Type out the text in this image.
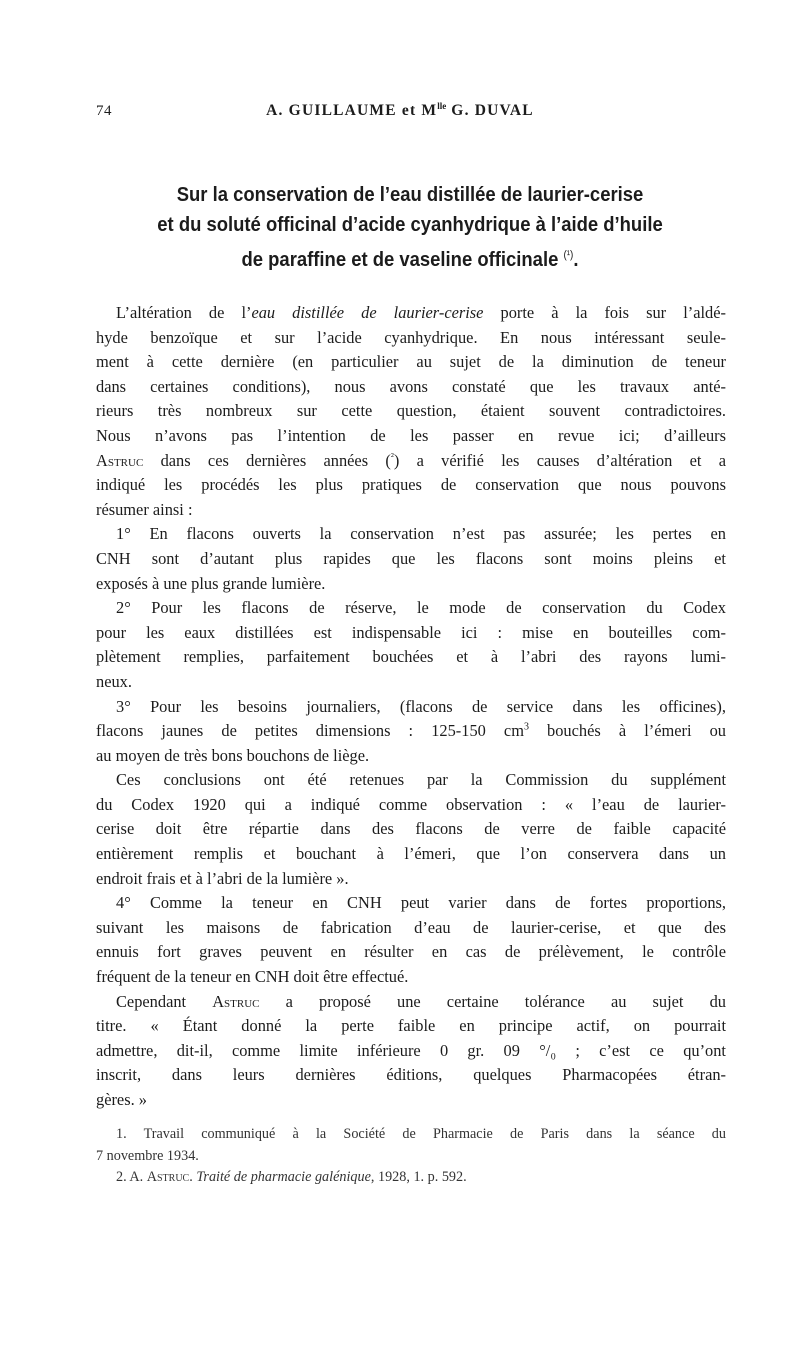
74	A. GUILLAUME et $M^{lle}$ G. DUVAL
Sur la conservation de l’eau distillée de laurier-cerise
et du soluté officinal d’acide cyanhydrique à l’aide d’huile
de paraffine et de vaseline officinale $^{(^1)}$.
L’altération de l’eau distillée de laurier-cerise porte à la fois sur l’aldé-
hyde benzoïque et sur l’acide cyanhydrique. En nous intéressant seule-
ment à cette dernière (en particulier au sujet de la diminution de teneur
dans certaines conditions), nous avons constaté que les travaux anté-
rieurs très nombreux sur cette question, étaient souvent contradictoires.
Nous n’avons pas l’intention de les passer en revue ici; d’ailleurs
Astruc dans ces dernières années ($^{^2}$) a vérifié les causes d’altération et a
indiqué les procédés les plus pratiques de conservation que nous pouvons
résumer ainsi :
1° En flacons ouverts la conservation n’est pas assurée; les pertes en
CNH sont d’autant plus rapides que les flacons sont moins pleins et
exposés à une plus grande lumière.
2° Pour les flacons de réserve, le mode de conservation du Codex
pour les eaux distillées est indispensable ici : mise en bouteilles com-
plètement remplies, parfaitement bouchées et à l’abri des rayons lumi-
neux.
3° Pour les besoins journaliers, (flacons de service dans les officines),
flacons jaunes de petites dimensions : 125-150 $cm^3$ bouchés à l’émeri ou
au moyen de très bons bouchons de liège.
Ces conclusions ont été retenues par la Commission du supplément
du Codex 1920 qui a indiqué comme observation : « l’eau de laurier-
cerise doit être répartie dans des flacons de verre de faible capacité
entièrement remplis et bouchant à l’émeri, que l’on conservera dans un
endroit frais et à l’abri de la lumière ».
4° Comme la teneur en CNH peut varier dans de fortes proportions,
suivant les maisons de fabrication d’eau de laurier-cerise, et que des
ennuis fort graves peuvent en résulter en cas de prélèvement, le contrôle
fréquent de la teneur en CNH doit être effectué.
Cependant Astruc a proposé une certaine tolérance au sujet du
titre. « Étant donné la perte faible en principe actif, on pourrait
admettre, dit-il, comme limite inférieure 0 gr. 09 °/₀ ; c’est ce qu’ont
inscrit, dans leurs dernières éditions, quelques Pharmacopées étran-
gères. »
1. Travail communiqué à la Société de Pharmacie de Paris dans la séance du
7 novembre 1934.
2. A. Astruc. Traité de pharmacie galénique, 1928, 1. p. 592.
